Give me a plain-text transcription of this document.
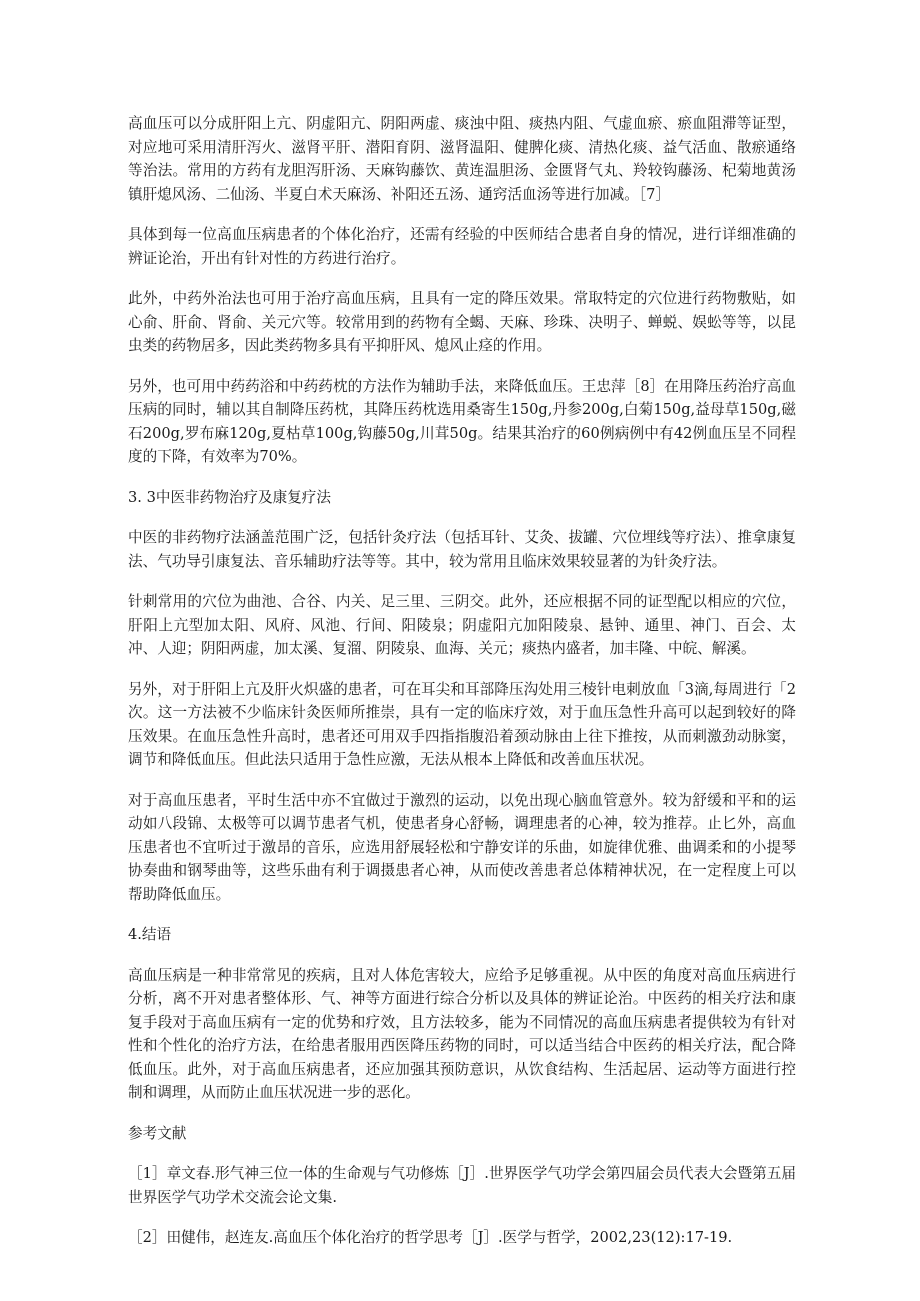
高血压可以分成肝阳上亢、阴虚阳亢、阴阳两虚、痰浊中阻、痰热内阻、气虚血瘀、瘀血阻滞等证型，对应地可采用清肝泻火、滋肾平肝、潜阳育阴、滋肾温阳、健脾化痰、清热化痰、益气活血、散瘀通络等治法。常用的方药有龙胆泻肝汤、天麻钩藤饮、黄连温胆汤、金匮肾气丸、羚较钩藤汤、杞菊地黄汤镇肝熄风汤、二仙汤、半夏白术天麻汤、补阳还五汤、通窍活血汤等进行加减。［7］

具体到每一位高血压病患者的个体化治疗，还需有经验的中医师结合患者自身的情况，进行详细准确的辨证论治，开出有针对性的方药进行治疗。

此外，中药外治法也可用于治疗高血压病，且具有一定的降压效果。常取特定的穴位进行药物敷贴，如心俞、肝俞、肾俞、关元穴等。较常用到的药物有全蝎、天麻、珍珠、决明子、蝉蜕、娱蚣等等，以昆虫类的药物居多，因此类药物多具有平抑肝风、熄风止痉的作用。

另外，也可用中药药浴和中药药枕的方法作为辅助手法，来降低血压。王忠萍［8］在用降压药治疗高血压病的同时，辅以其自制降压药枕，其降压药枕选用桑寄生150g,丹参200g,白菊150g,益母草150g,磁石200g,罗布麻120g,夏枯草100g,钩藤50g,川茸50g。结果其治疗的60例病例中有42例血压呈不同程度的下降，有效率为70%。

3. 3中医非药物治疗及康复疗法

中医的非药物疗法涵盖范围广泛，包括针灸疗法（包括耳针、艾灸、拔罐、穴位埋线等疗法）、推拿康复法、气功导引康复法、音乐辅助疗法等等。其中，较为常用且临床效果较显著的为针灸疗法。

针刺常用的穴位为曲池、合谷、内关、足三里、三阴交。此外，还应根据不同的证型配以相应的穴位，肝阳上亢型加太阳、风府、风池、行间、阳陵泉；阴虚阳亢加阳陵泉、悬钟、通里、神门、百会、太冲、人迎；阴阳两虚，加太溪、复溜、阴陵泉、血海、关元；痰热内盛者，加丰隆、中皖、解溪。

另外，对于肝阳上亢及肝火炽盛的患者，可在耳尖和耳部降压沟处用三棱针电刺放血「3滴,每周进行「2次。这一方法被不少临床针灸医师所推崇，具有一定的临床疗效，对于血压急性升高可以起到较好的降压效果。在血压急性升高时，患者还可用双手四指指腹沿着颈动脉由上往下推按，从而刺激劲动脉窦，调节和降低血压。但此法只适用于急性应激，无法从根本上降低和改善血压状况。

对于高血压患者，平时生活中亦不宜做过于激烈的运动，以免出现心脑血管意外。较为舒缓和平和的运动如八段锦、太极等可以调节患者气机，使患者身心舒畅，调理患者的心神，较为推荐。止匕外，高血压患者也不宜听过于激昂的音乐，应选用舒展轻松和宁静安详的乐曲，如旋律优雅、曲调柔和的小提琴协奏曲和钢琴曲等，这些乐曲有利于调摄患者心神，从而使改善患者总体精神状况，在一定程度上可以帮助降低血压。

4.结语

高血压病是一种非常常见的疾病，且对人体危害较大，应给予足够重视。从中医的角度对高血压病进行分析，离不开对患者整体形、气、神等方面进行综合分析以及具体的辨证论治。中医药的相关疗法和康复手段对于高血压病有一定的优势和疗效，且方法较多，能为不同情况的高血压病患者提供较为有针对性和个性化的治疗方法，在给患者服用西医降压药物的同时，可以适当结合中医药的相关疗法，配合降低血压。此外，对于高血压病患者，还应加强其预防意识，从饮食结构、生活起居、运动等方面进行控制和调理，从而防止血压状况进一步的恶化。

参考文献

［1］章文春.形气神三位一体的生命观与气功修炼［J］.世界医学气功学会第四届会员代表大会暨第五届世界医学气功学术交流会论文集.

［2］田健伟，赵连友.高血压个体化治疗的哲学思考［J］.医学与哲学，2002,23(12):17-19.
